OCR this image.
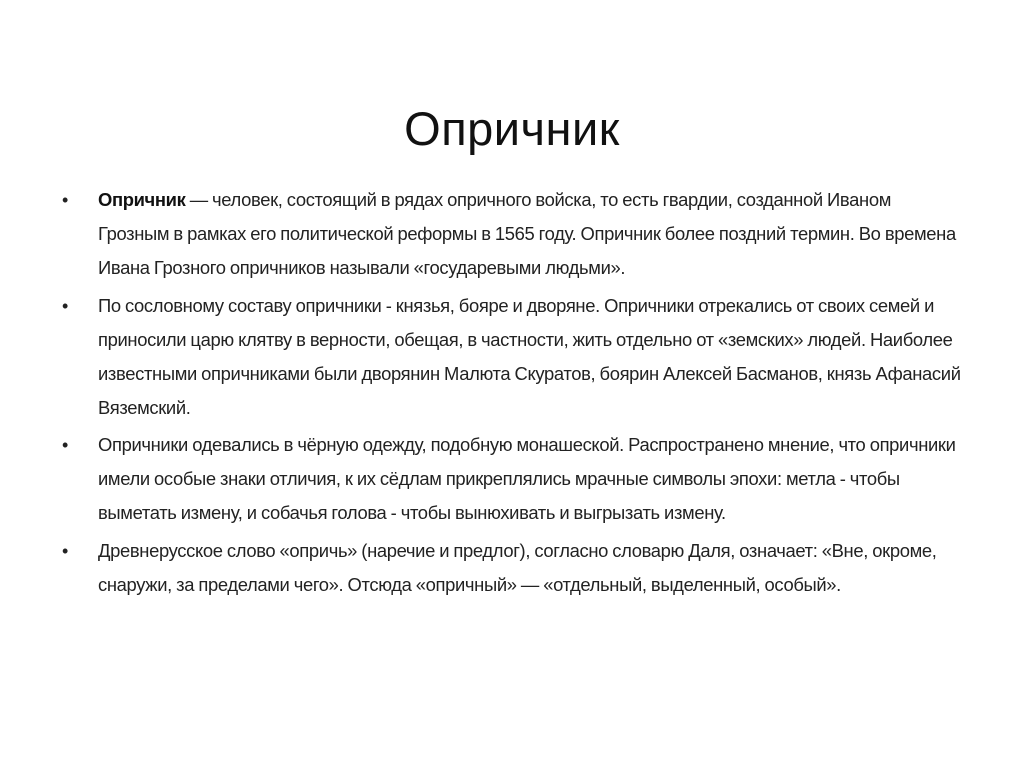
Опричник
•	Опричник — человек, состоящий в рядах опричного войска, то есть гвардии, созданной Иваном Грозным в рамках его политической реформы в 1565 году. Опричник более поздний термин. Во времена Ивана Грозного опричников называли «государевыми людьми».
•	По сословному составу опричники - князья, бояре и дворяне. Опричники отрекались от своих семей и приносили царю клятву в верности, обещая, в частности, жить отдельно от «земских» людей. Наиболее известными опричниками были дворянин Малюта Скуратов, боярин Алексей Басманов, князь Афанасий Вяземский.
•	Опричники одевались в чёрную одежду, подобную монашеской. Распространено мнение, что опричники имели особые знаки отличия, к их сёдлам прикреплялись мрачные символы эпохи: метла - чтобы выметать измену, и собачья голова - чтобы вынюхивать и выгрызать измену.
•	Древнерусское слово «опричь» (наречие и предлог), согласно словарю Даля, означает: «Вне, окроме, снаружи, за пределами чего». Отсюда «опричный» — «отдельный, выделенный, особый».
